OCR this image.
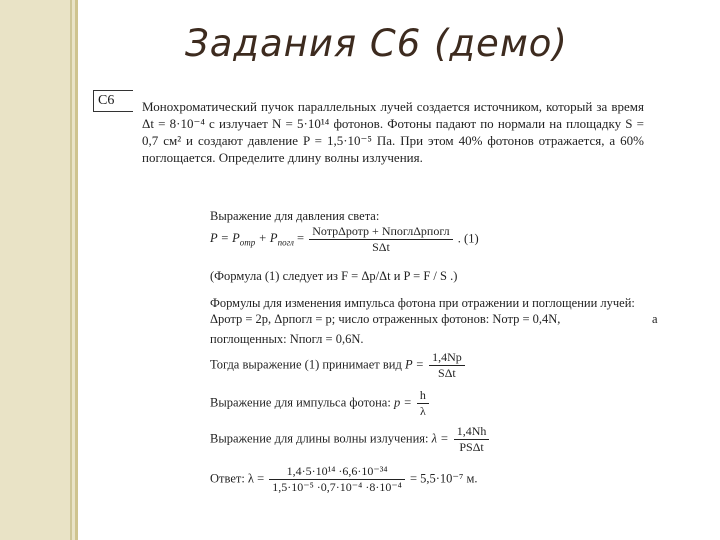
Задания С6 (демо)
С6	Монохроматический пучок параллельных лучей создается источником, который за время Δt = 8·10⁻⁴ с излучает N = 5·10¹⁴ фотонов. Фотоны падают по нормали на площадку S = 0,7 см² и создают давление P = 1,5·10⁻⁵ Па. При этом 40% фотонов отражается, а 60% поглощается. Определите длину волны излучения.
Выражение для давления света:
$P = P_{отр} + P_{погл} = \frac{\text{NотрΔpотр + NпоглΔpпогл}}{\text{SΔt}}$ . (1)
(Формула (1) следует из F = Δp/Δt и P = F / S .)
Формулы для изменения импульса фотона при отражении и поглощении лучей:
Δpотр = 2p, Δpпогл = p; число отраженных фотонов: Nотр = 0,4N,	а
поглощенных: Nпогл = 0,6N.
Тогда выражение (1) принимает вид $P = \frac{1,4Np}{\text{SΔt}}$
Выражение для импульса фотона: $p = \frac{h}{\lambda}$
Выражение для длины волны излучения: $\lambda = \frac{1,4Nh}{\text{PSΔt}}$
Ответ: $\lambda = \frac{\text{1,4·5·10¹⁴ ·6,6·10⁻³⁴}}{\text{1,5·10⁻⁵ ·0,7·10⁻⁴ ·8·10⁻⁴}} = 5,5\cdot 10^{-7}$ м.
